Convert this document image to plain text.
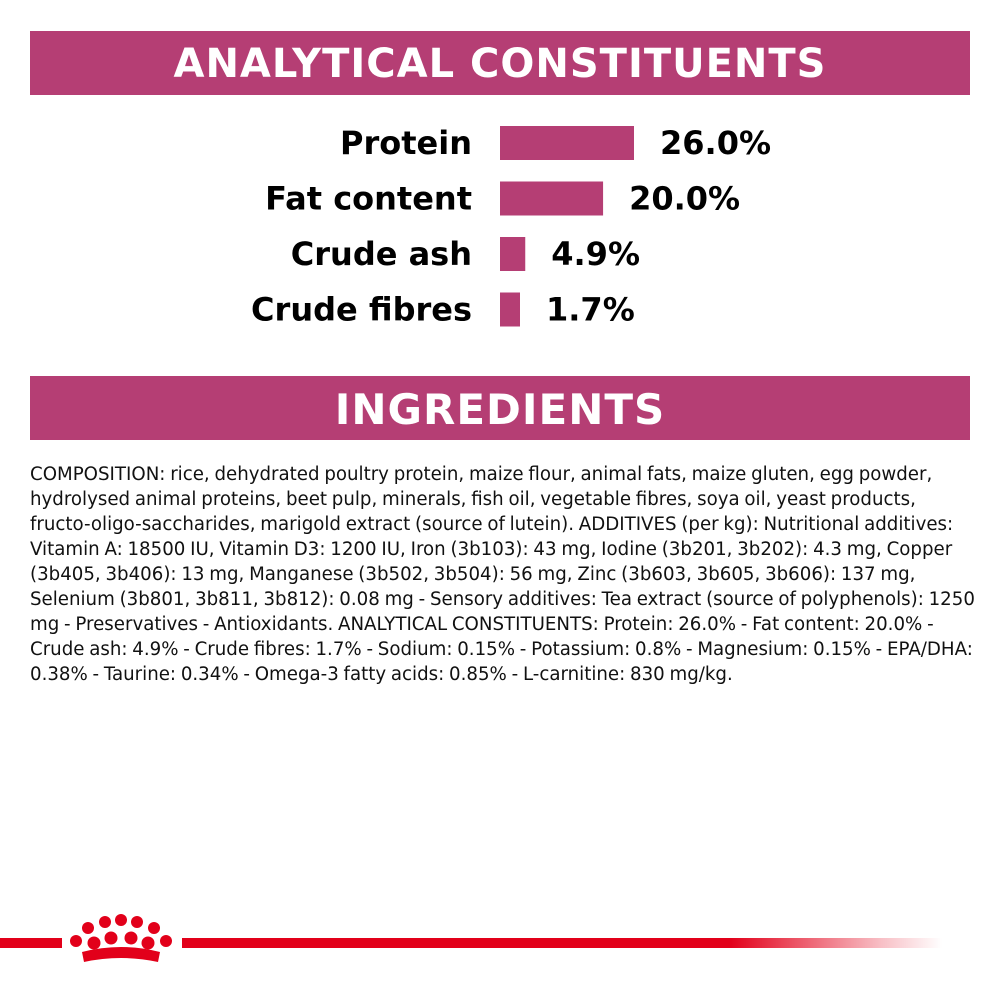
ANALYTICAL CONSTITUENTS
Protein	26.0%
Fat content	20.0%
Crude ash 4.9%
Crude fibres 1.7%
INGREDIENTS
COMPOSITION: rice, dehydrated poultry protein, maize flour, animal fats, maize gluten, egg powder, hydrolysed animal proteins, beet pulp, minerals, fish oil, vegetable fibres, soya oil, yeast products, fructo-oligo-saccharides, marigold extract (source of lutein). ADDITIVES (per kg): Nutritional additives: Vitamin A: 18500 IU, Vitamin D3: 1200 IU, Iron (3b103): 43 mg, Iodine (3b201, 3b202): 4.3 mg, Copper (3b405, 3b406): 13 mg, Manganese (3b502, 3b504): 56 mg, Zinc (3b603, 3b605, 3b606): 137 mg, Selenium (3b801, 3b811, 3b812): 0.08 mg - Sensory additives: Tea extract (source of polyphenols): 1250 mg - Preservatives - Antioxidants. ANALYTICAL CONSTITUENTS: Protein: 26.0% - Fat content: 20.0% - Crude ash: 4.9% - Crude fibres: 1.7% - Sodium: 0.15% - Potassium: 0.8% - Magnesium: 0.15% - EPA/DHA: 0.38% - Taurine: 0.34% - Omega-3 fatty acids: 0.85% - L-carnitine: 830 mg/kg.
